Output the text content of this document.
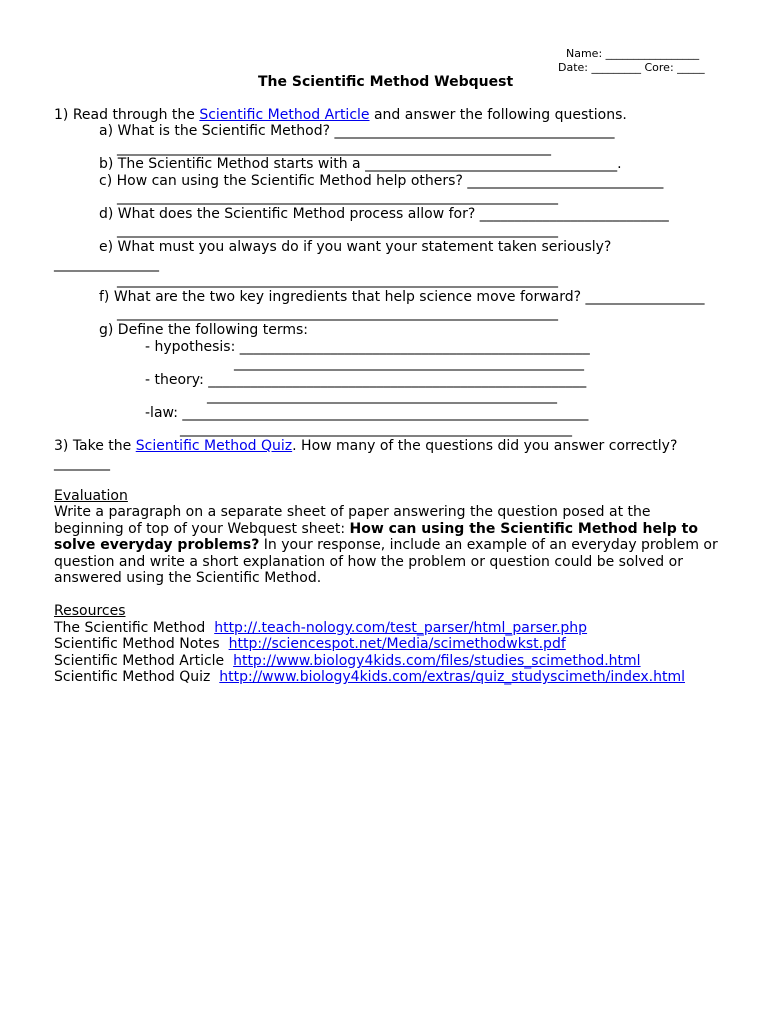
Name: _________________
Date: _________ Core: _____
The Scientific Method Webquest
1) Read through the Scientific Method Article and answer the following questions.
a) What is the Scientific Method? ________________________________________
______________________________________________________________
b) The Scientific Method starts with a ____________________________________.
c) How can using the Scientific Method help others? ____________________________
_______________________________________________________________
d) What does the Scientific Method process allow for? ___________________________
_______________________________________________________________
e) What must you always do if you want your statement taken seriously?
_______________
_______________________________________________________________
f) What are the two key ingredients that help science move forward? _________________
_______________________________________________________________
g) Define the following terms:
- hypothesis: __________________________________________________
__________________________________________________
- theory: ______________________________________________________
__________________________________________________
-law: __________________________________________________________
________________________________________________________
3) Take the Scientific Method Quiz. How many of the questions did you answer correctly?
________
Evaluation
Write a paragraph on a separate sheet of paper answering the question posed at the
beginning of top of your Webquest sheet: How can using the Scientific Method help to
solve everyday problems? In your response, include an example of an everyday problem or
question and write a short explanation of how the problem or question could be solved or
answered using the Scientific Method.
Resources
The Scientific Method  http://.teach-nology.com/test_parser/html_parser.php
Scientific Method Notes  http://sciencespot.net/Media/scimethodwkst.pdf
Scientific Method Article  http://www.biology4kids.com/files/studies_scimethod.html
Scientific Method Quiz  http://www.biology4kids.com/extras/quiz_studyscimeth/index.html
